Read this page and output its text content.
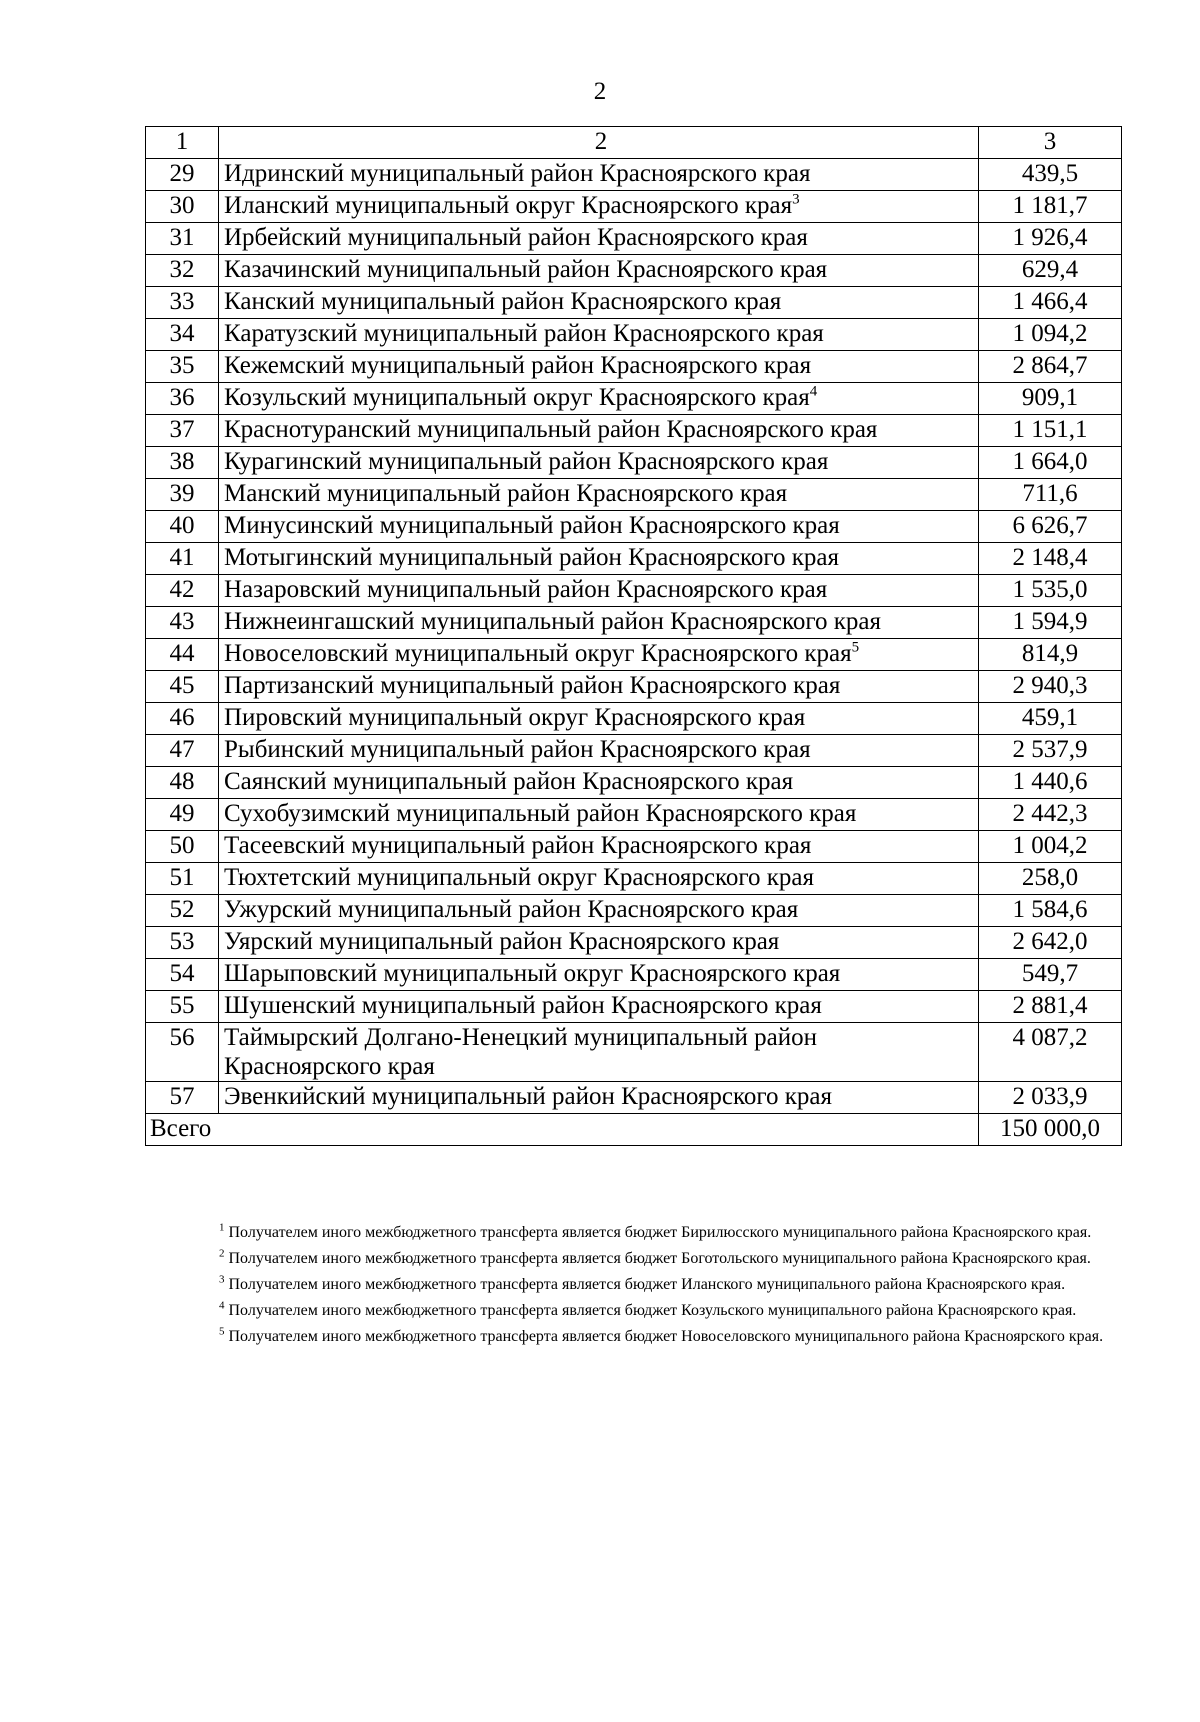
2
1	2	3
29	Идринский муниципальный район Красноярского края	439,5
30	Иланский муниципальный округ Красноярского края$^3$	1 181,7
31	Ирбейский муниципальный район Красноярского края	1 926,4
32	Казачинский муниципальный район Красноярского края	629,4
33	Канский муниципальный район Красноярского края	1 466,4
34	Каратузский муниципальный район Красноярского края	1 094,2
35	Кежемский муниципальный район Красноярского края	2 864,7
36	Козульский муниципальный округ Красноярского края$^4$	909,1
37	Краснотуранский муниципальный район Красноярского края	1 151,1
38	Курагинский муниципальный район Красноярского края	1 664,0
39	Манский муниципальный район Красноярского края	711,6
40	Минусинский муниципальный район Красноярского края	6 626,7
41	Мотыгинский муниципальный район Красноярского края	2 148,4
42	Назаровский муниципальный район Красноярского края	1 535,0
43	Нижнеингашский муниципальный район Красноярского края	1 594,9
44	Новоселовский муниципальный округ Красноярского края$^5$	814,9
45	Партизанский муниципальный район Красноярского края	2 940,3
46	Пировский муниципальный округ Красноярского края	459,1
47	Рыбинский муниципальный район Красноярского края	2 537,9
48	Саянский муниципальный район Красноярского края	1 440,6
49	Сухобузимский муниципальный район Красноярского края	2 442,3
50	Тасеевский муниципальный район Красноярского края	1 004,2
51	Тюхтетский муниципальный округ Красноярского края	258,0
52	Ужурский муниципальный район Красноярского края	1 584,6
53	Уярский муниципальный район Красноярского края	2 642,0
54	Шарыповский муниципальный округ Красноярского края	549,7
55	Шушенский муниципальный район Красноярского края	2 881,4
56	Таймырский Долгано-Ненецкий муниципальный район
Красноярского края	4 087,2
57	Эвенкийский муниципальный район Красноярского края	2 033,9
Всего		150 000,0

$^1$ Получателем иного межбюджетного трансферта является бюджет Бирилюсского муниципального района Красноярского края.

$^2$ Получателем иного межбюджетного трансферта является бюджет Боготольского муниципального района Красноярского края.

$^3$ Получателем иного межбюджетного трансферта является бюджет Иланского муниципального района Красноярского края.

$^4$ Получателем иного межбюджетного трансферта является бюджет Козульского муниципального района Красноярского края.

$^5$ Получателем иного межбюджетного трансферта является бюджет Новоселовского муниципального района Красноярского края.
